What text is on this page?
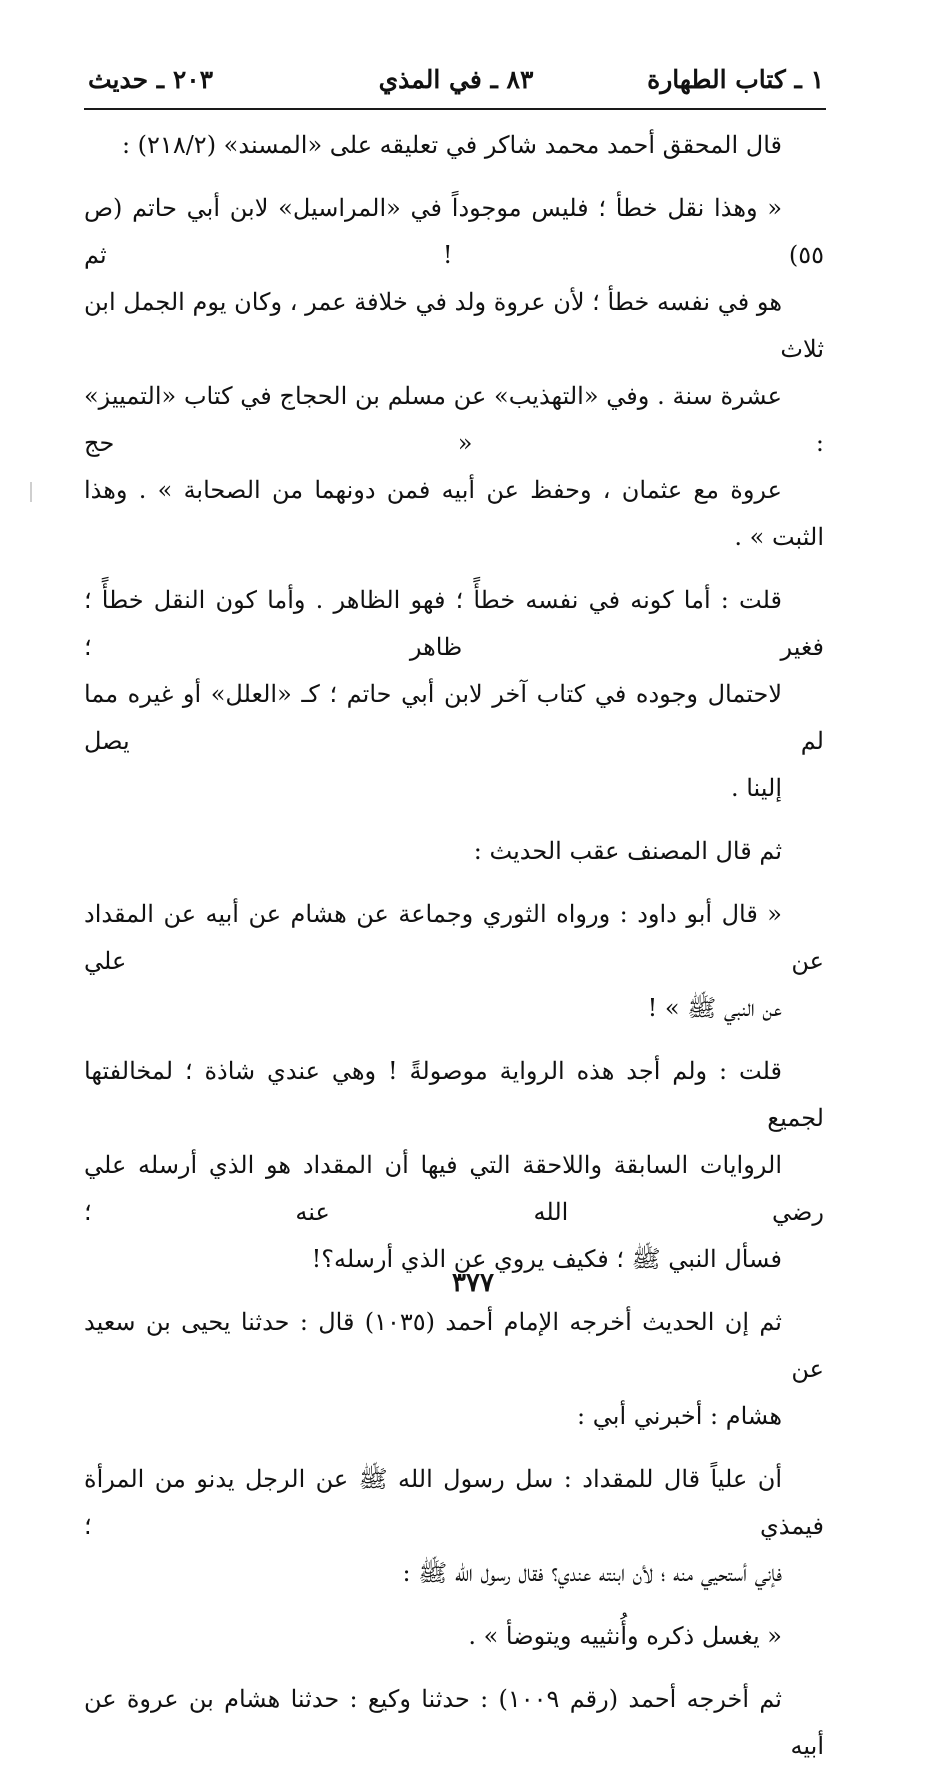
١ ـ كتاب الطهارة
٨٣ ـ في المذي
٢٠٣ ـ حديث

قال المحقق أحمد محمد شاكر في تعليقه على «المسند» (٢١٨/٢) :

« وهذا نقل خطأ ؛ فليس موجوداً في «المراسيل» لابن أبي حاتم (ص ٥٥) ! ثم
هو في نفسه خطأ ؛ لأن عروة ولد في خلافة عمر ، وكان يوم الجمل ابن ثلاث
عشرة سنة . وفي «التهذيب» عن مسلم بن الحجاج في كتاب «التمييز» : « حج
عروة مع عثمان ، وحفظ عن أبيه فمن دونهما من الصحابة » . وهذا الثبت » .

قلت : أما كونه في نفسه خطأً ؛ فهو الظاهر . وأما كون النقل خطأً ؛ فغير ظاهر ؛
لاحتمال وجوده في كتاب آخر لابن أبي حاتم ؛ كـ «العلل» أو غيره مما لم يصل
إلينا .

ثم قال المصنف عقب الحديث :

« قال أبو داود : ورواه الثوري وجماعة عن هشام عن أبيه عن المقداد عن علي
عن النبي ﷺ » !

قلت : ولم أجد هذه الرواية موصولةً ! وهي عندي شاذة ؛ لمخالفتها لجميع
الروايات السابقة واللاحقة التي فيها أن المقداد هو الذي أرسله علي رضي الله عنه ؛
فسأل النبي ﷺ ؛ فكيف يروي عن الذي أرسله؟!

ثم إن الحديث أخرجه الإمام أحمد (١٠٣٥) قال : حدثنا يحيى بن سعيد عن
هشام : أخبرني أبي :

أن علياً قال للمقداد : سل رسول الله ﷺ عن الرجل يدنو من المرأة فيمذي ؛
فإني أستحيي منه ؛ لأن ابنته عندي؟ فقال رسول الله ﷺ :

« يغسل ذكره وأُنثييه ويتوضأ » .

ثم أخرجه أحمد (رقم ١٠٠٩) : حدثنا وكيع : حدثنا هشام بن عروة عن أبيه

٣٧٧
